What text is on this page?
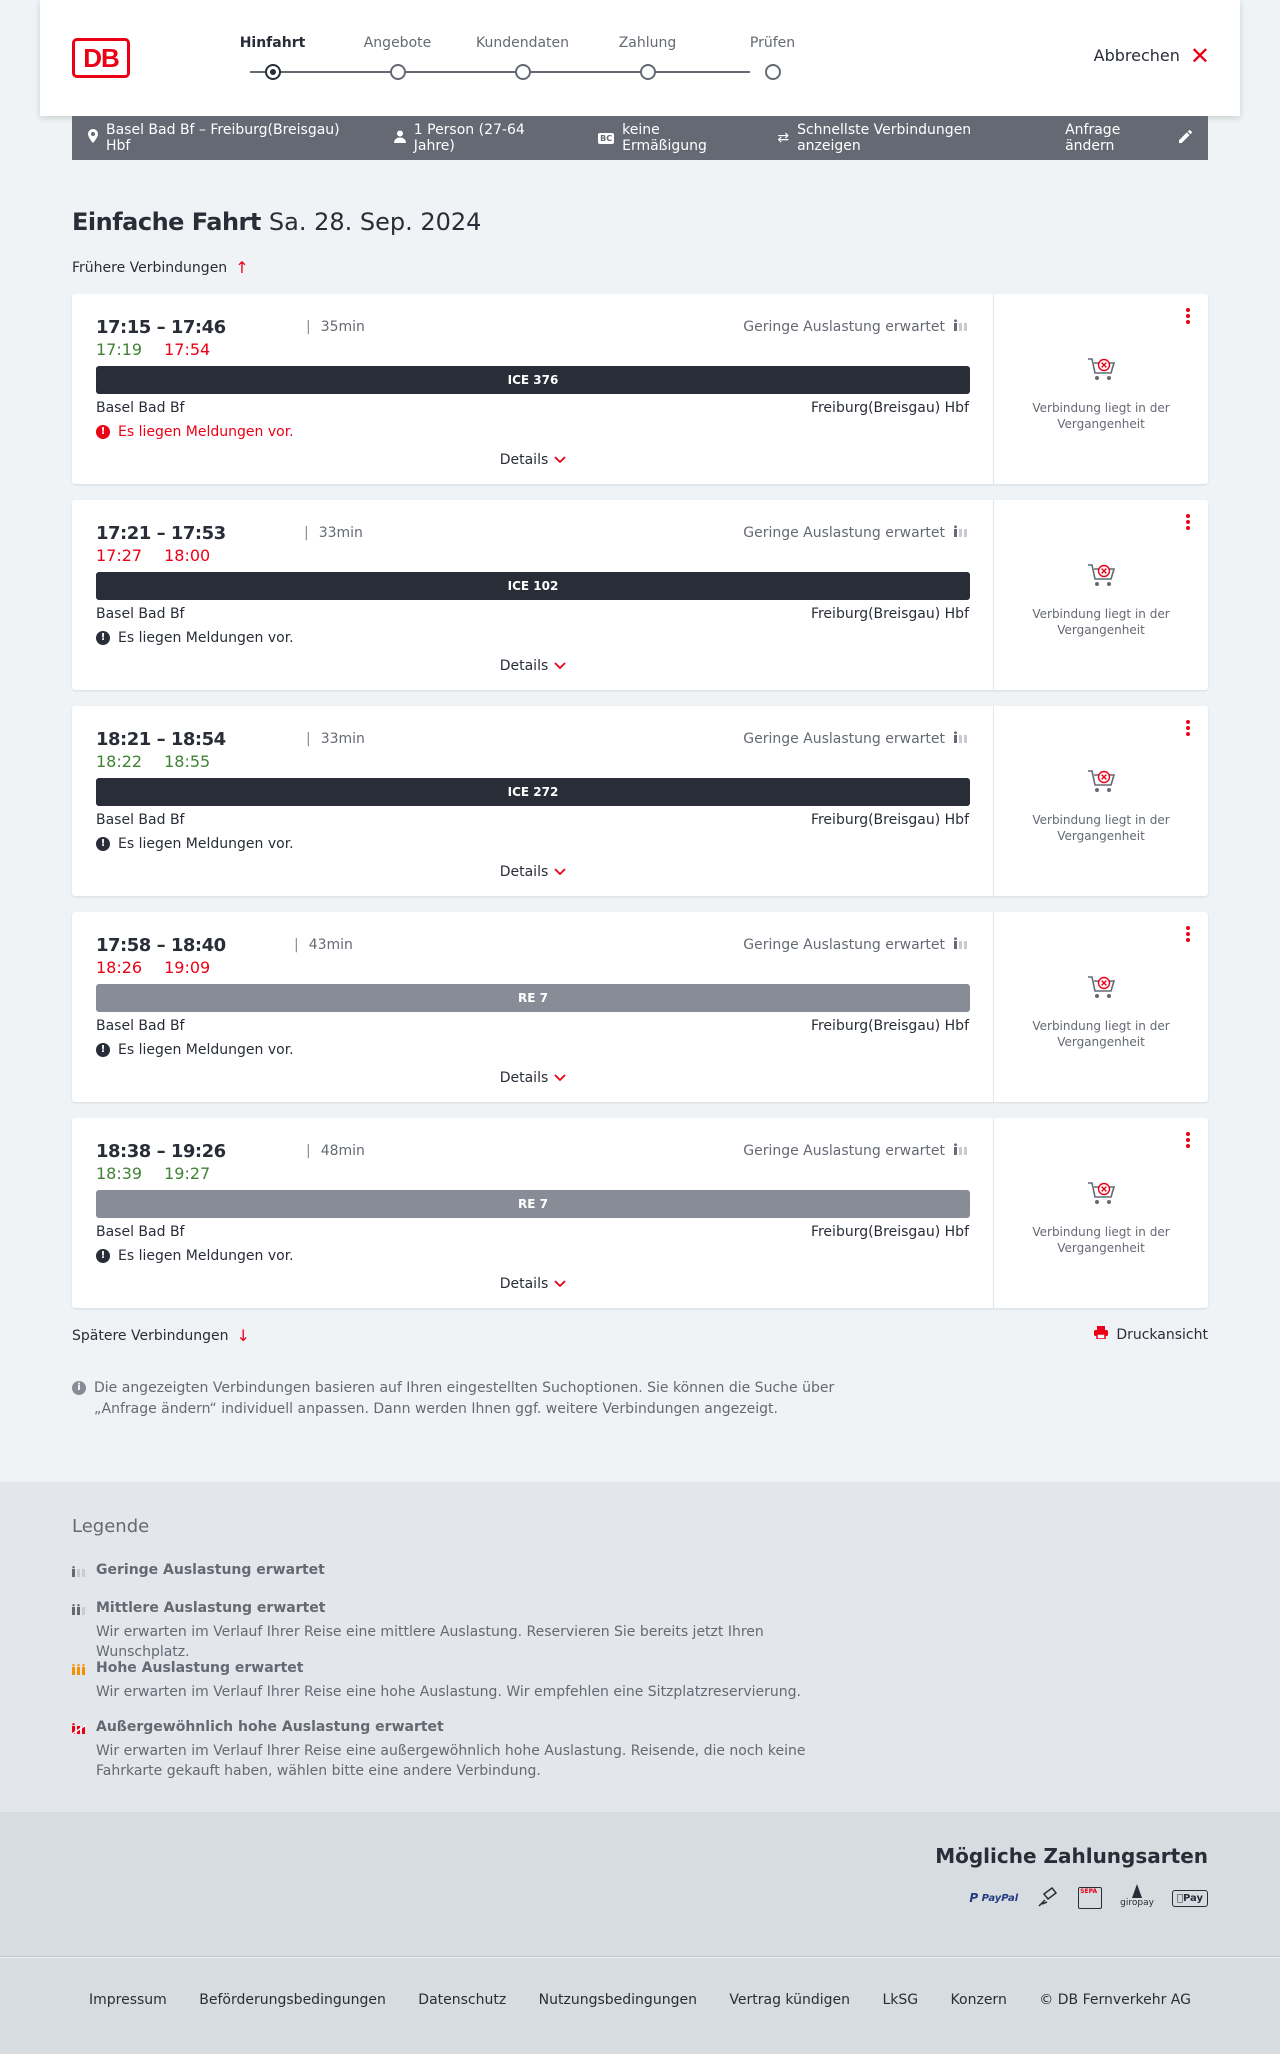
DB	Hinfahrt	Angebote	Kundendaten	Zahlung	Prüfen
Abbrechen ✕
Basel Bad Bf – Freiburg(Breisgau) Hbf
1 Person (27-64 Jahre)	BC keine Ermäßigung	⇄ Schnellste Verbindungen anzeigen
Anfrage ändern
Einfache Fahrt Sa. 28. Sep. 2024
Frühere Verbindungen ↑
17:15 – 17:46	| 35min
17:19 17:54
Geringe Auslastung erwartet
ICE 376
Basel Bad Bf	Freiburg(Breisgau) Hbf
! Es liegen Meldungen vor.
Details
Verbindung liegt in der Vergangenheit
17:21 – 17:53	| 33min
17:27 18:00
Geringe Auslastung erwartet
ICE 102
Basel Bad Bf	Freiburg(Breisgau) Hbf
! Es liegen Meldungen vor.
Details
Verbindung liegt in der Vergangenheit
18:21 – 18:54	| 33min
18:22 18:55
Geringe Auslastung erwartet
ICE 272
Basel Bad Bf	Freiburg(Breisgau) Hbf
! Es liegen Meldungen vor.
Details
Verbindung liegt in der Vergangenheit
17:58 – 18:40	| 43min
18:26 19:09
Geringe Auslastung erwartet
RE 7
Basel Bad Bf	Freiburg(Breisgau) Hbf
! Es liegen Meldungen vor.
Details
Verbindung liegt in der Vergangenheit
18:38 – 19:26	| 48min
18:39 19:27
Geringe Auslastung erwartet
RE 7
Basel Bad Bf	Freiburg(Breisgau) Hbf
! Es liegen Meldungen vor.
Details
Verbindung liegt in der Vergangenheit
Spätere Verbindungen ↓	Druckansicht
i Die angezeigten Verbindungen basieren auf Ihren eingestellten Suchoptionen. Sie können die Suche über „Anfrage ändern“ individuell anpassen. Dann werden Ihnen ggf. weitere Verbindungen angezeigt.
Legende
Geringe Auslastung erwartet
Mittlere Auslastung erwartet
Wir erwarten im Verlauf Ihrer Reise eine mittlere Auslastung. Reservieren Sie bereits jetzt Ihren Wunschplatz.
Hohe Auslastung erwartet
Wir erwarten im Verlauf Ihrer Reise eine hohe Auslastung. Wir empfehlen eine Sitzplatzreservierung.
Außergewöhnlich hohe Auslastung erwartet
Wir erwarten im Verlauf Ihrer Reise eine außergewöhnlich hohe Auslastung. Reisende, die noch keine Fahrkarte gekauft haben, wählen bitte eine andere Verbindung.
Mögliche Zahlungsarten
P
PayPal
SEPA
giropay	Pay
Impressum Beförderungsbedingungen Datenschutz Nutzungsbedingungen Vertrag kündigen LkSG Konzern © DB Fernverkehr AG
